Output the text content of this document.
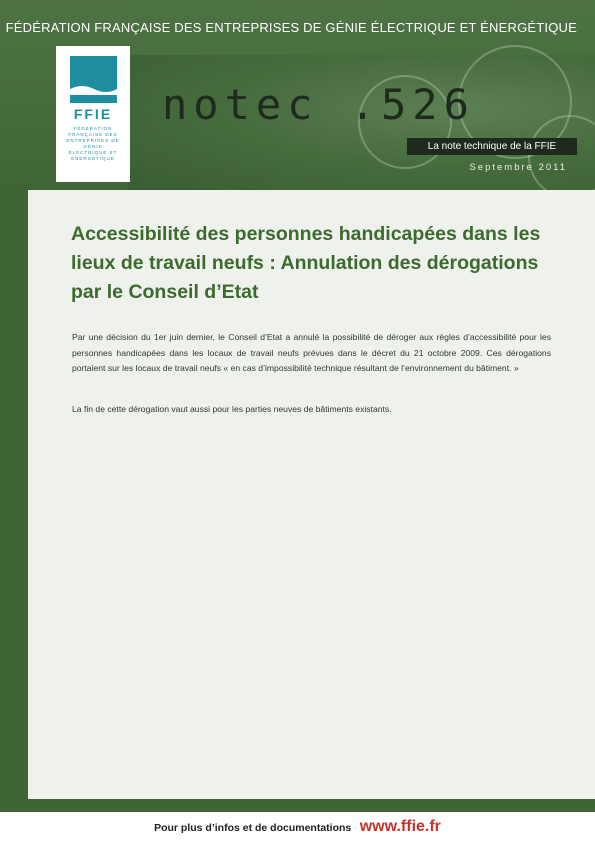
FÉDÉRATION FRANÇAISE DES ENTREPRISES DE GÉNIE ÉLECTRIQUE ET ÉNERGÉTIQUE
FFIE
FÉDÉRATION FRANÇAISE DES ENTREPRISES DE GÉNIE ÉLECTRIQUE ET ÉNERGÉTIQUE
notec .526
La note technique de la FFIE
Septembre 2011
Accessibilité des personnes handicapées dans les lieux de travail neufs : Annulation des dérogations par le Conseil d’Etat
Par une décision du 1er juin dernier, le Conseil d’Etat a annulé la possibilité de déroger aux règles d’accessibilité pour les personnes handicapées dans les locaux de travail neufs prévues dans le décret du 21 octobre 2009. Ces dérogations portaient sur les locaux de travail neufs « en cas d’impossibilité technique résultant de l’environnement du bâtiment. »
La fin de cette dérogation vaut aussi pour les parties neuves de bâtiments existants.
Pour plus d’infos et de documentations www.ffie.fr
